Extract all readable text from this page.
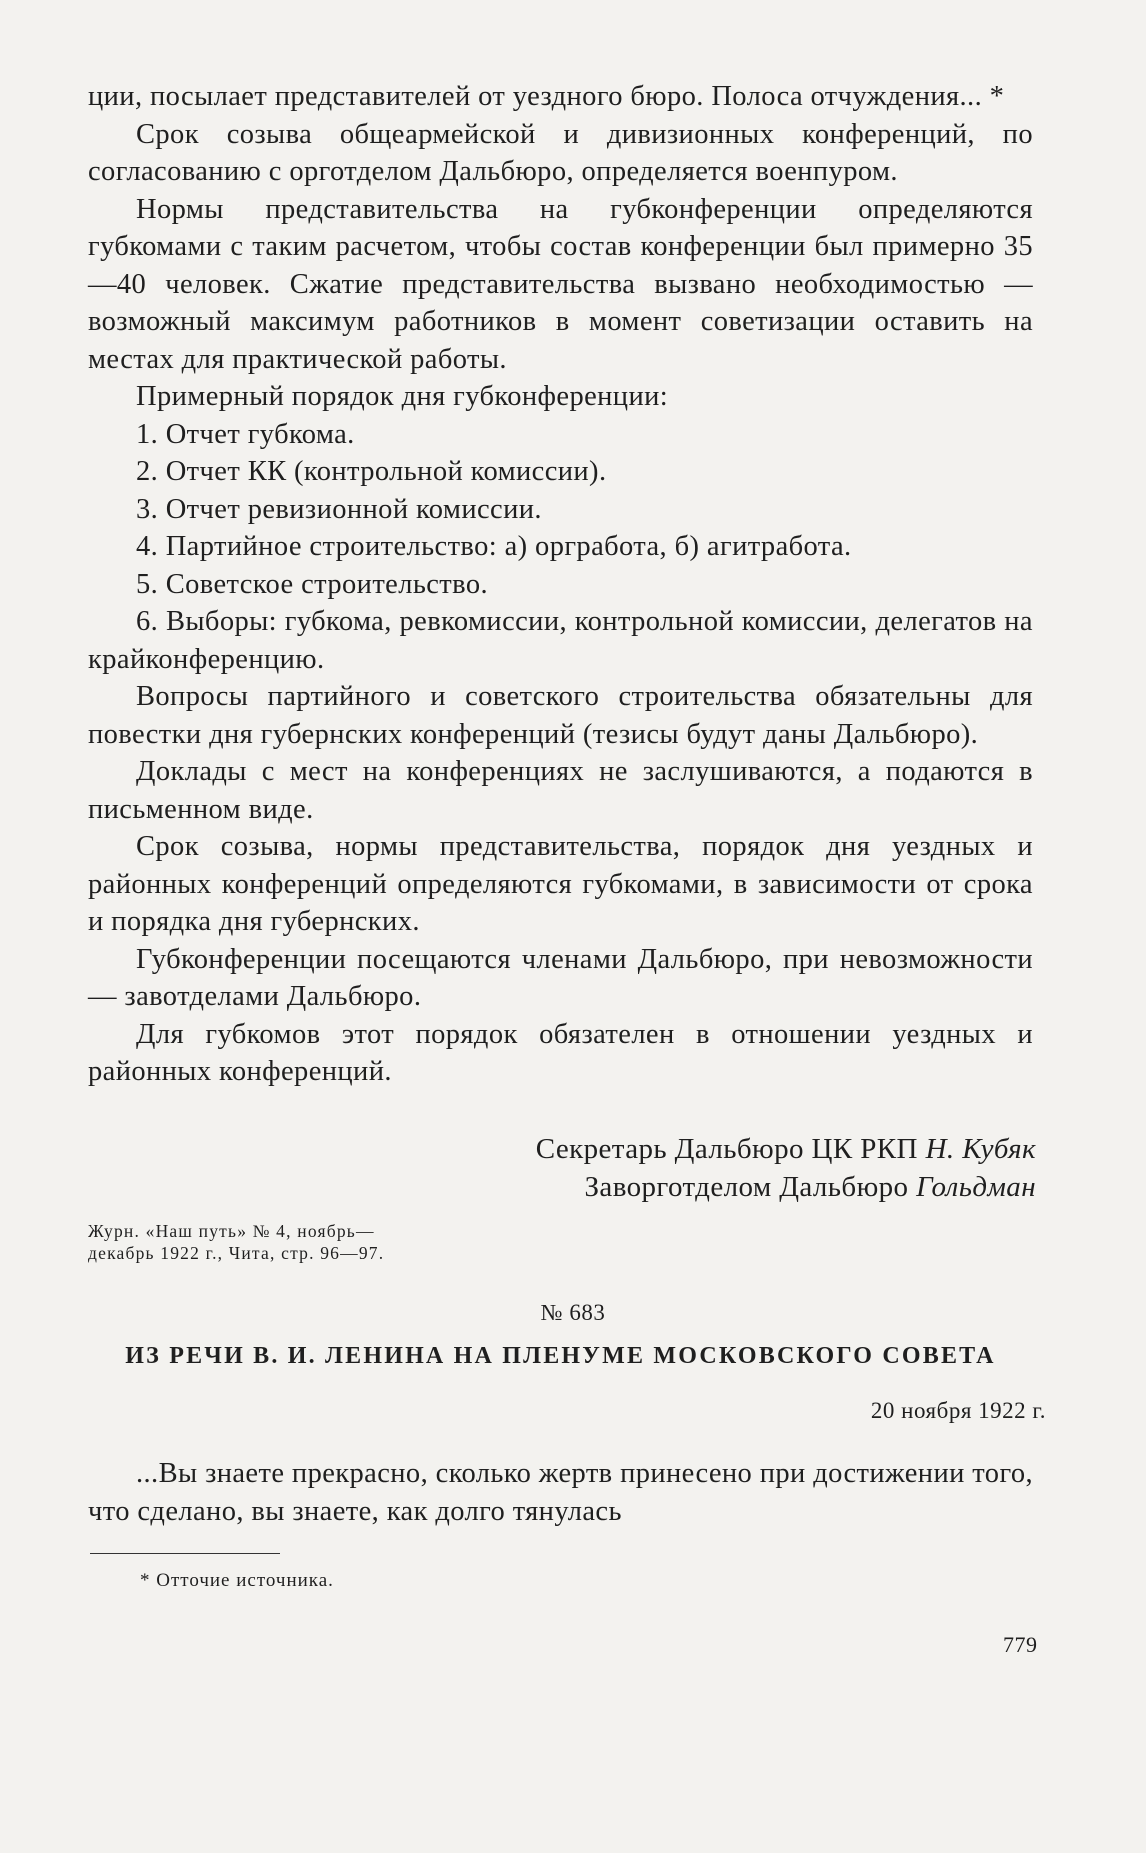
ции, посылает представителей от уездного бюро. Полоса отчуждения... *

Срок созыва общеармейской и дивизионных конференций, по согласованию с орготделом Дальбюро, определяется военпуром.

Нормы представительства на губконференции определяются губкомами с таким расчетом, чтобы состав конференции был примерно 35—40 человек. Сжатие представительства вызвано необходимостью — возможный максимум работников в момент советизации оставить на местах для практической работы.

Примерный порядок дня губконференции:

1. Отчет губкома.

2. Отчет КК (контрольной комиссии).

3. Отчет ревизионной комиссии.

4. Партийное строительство: а) оргработа, б) агитработа.

5. Советское строительство.

6. Выборы: губкома, ревкомиссии, контрольной комиссии, делегатов на крайконференцию.

Вопросы партийного и советского строительства обязательны для повестки дня губернских конференций (тезисы будут даны Дальбюро).

Доклады с мест на конференциях не заслушиваются, а подаются в письменном виде.

Срок созыва, нормы представительства, порядок дня уездных и районных конференций определяются губкомами, в зависимости от срока и порядка дня губернских.

Губконференции посещаются членами Дальбюро, при невозможности — завотделами Дальбюро.

Для губкомов этот порядок обязателен в отношении уездных и районных конференций.

Секретарь Дальбюро ЦК РКП Н. Кубяк
Заворготделом Дальбюро Гольдман
Журн. «Наш путь» № 4, ноябрь—
декабрь 1922 г., Чита, стр. 96—97.
№ 683
ИЗ РЕЧИ В. И. ЛЕНИНА НА ПЛЕНУМЕ МОСКОВСКОГО СОВЕТА
20 ноября 1922 г.
...Вы знаете прекрасно, сколько жертв принесено при достижении того, что сделано, вы знаете, как долго тянулась
* Отточие источника.
779
